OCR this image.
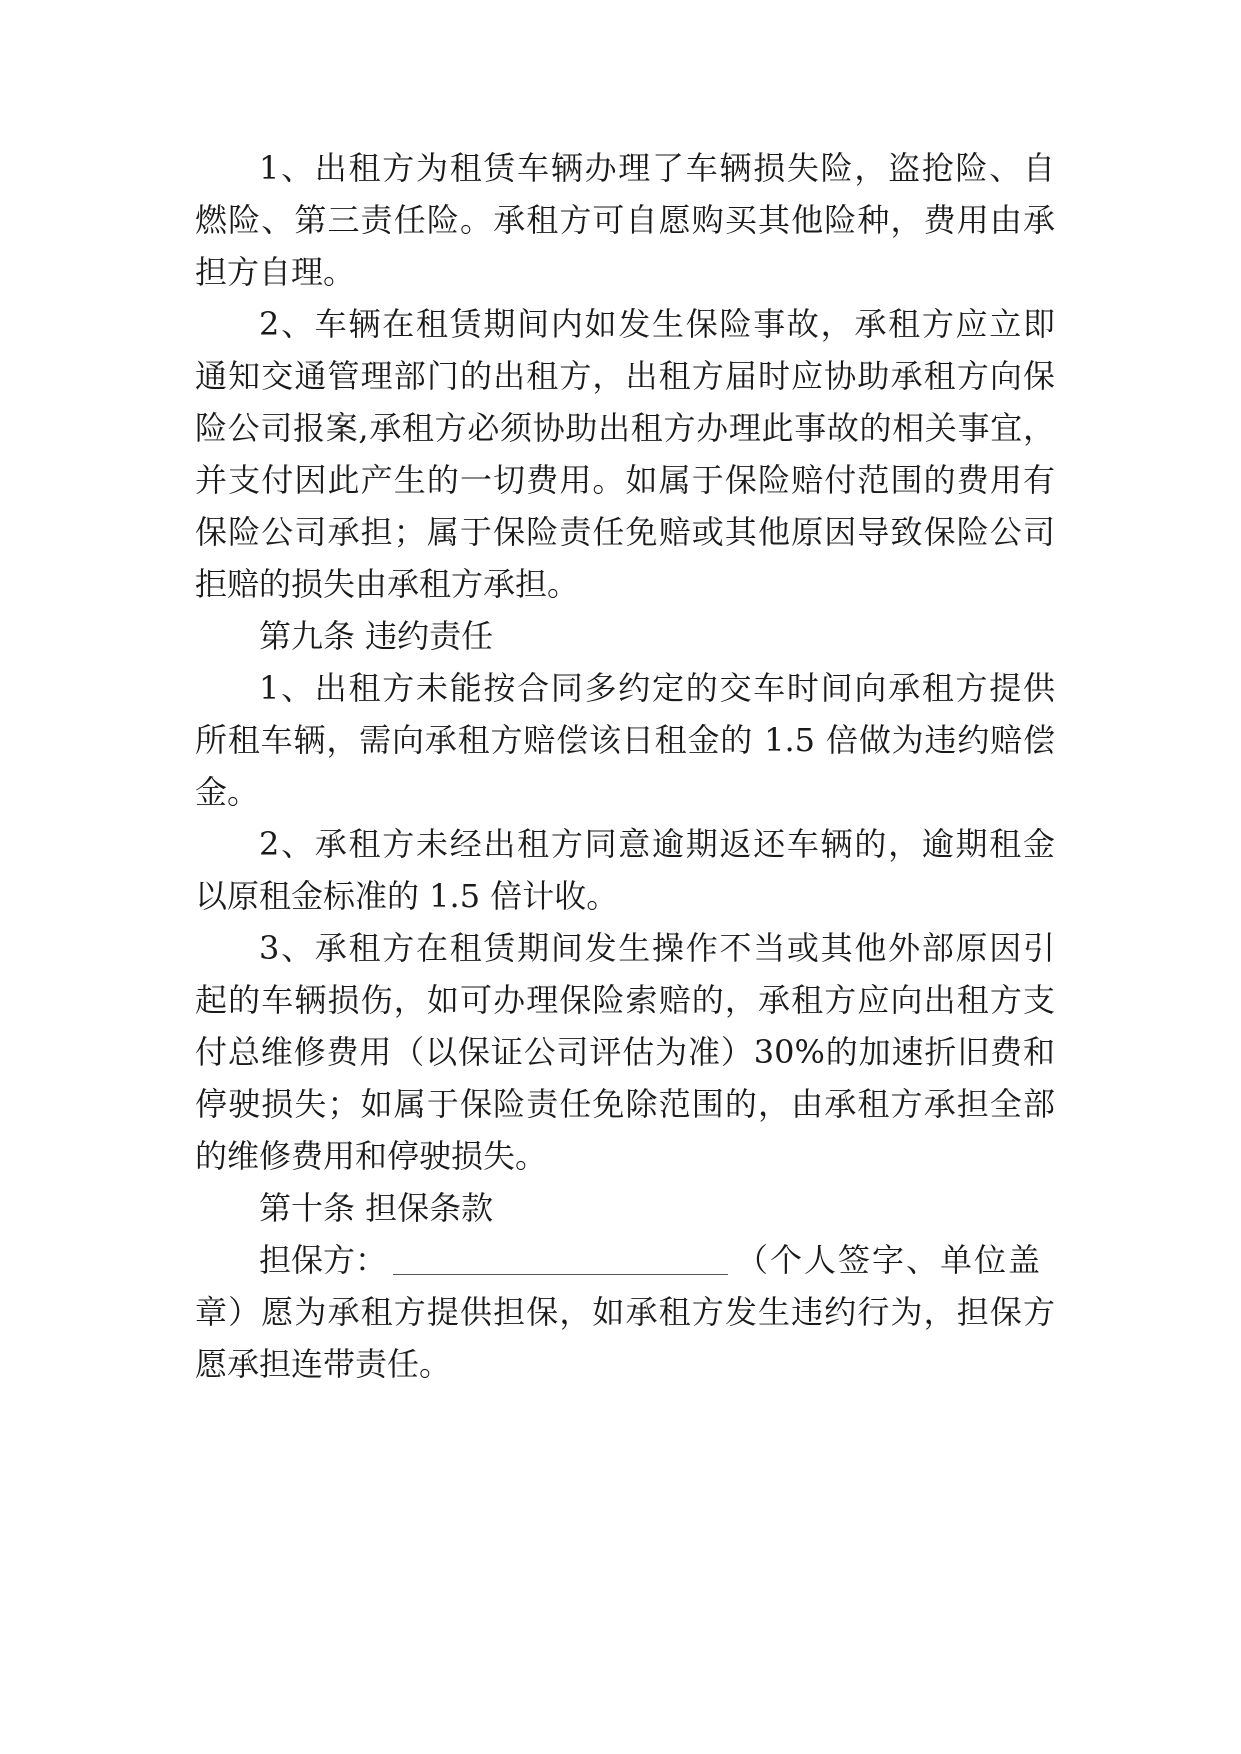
1、出租方为租赁车辆办理了车辆损失险，盗抢险、自
燃险、第三责任险。承租方可自愿购买其他险种，费用由承
担方自理。
2、车辆在租赁期间内如发生保险事故，承租方应立即
通知交通管理部门的出租方，出租方届时应协助承租方向保
险公司报案,承租方必须协助出租方办理此事故的相关事宜，
并支付因此产生的一切费用。如属于保险赔付范围的费用有
保险公司承担；属于保险责任免赔或其他原因导致保险公司
拒赔的损失由承租方承担。
第九条 违约责任
1、出租方未能按合同多约定的交车时间向承租方提供
所租车辆，需向承租方赔偿该日租金的 1.5 倍做为违约赔偿
金。
2、承租方未经出租方同意逾期返还车辆的，逾期租金
以原租金标准的 1.5 倍计收。
3、承租方在租赁期间发生操作不当或其他外部原因引
起的车辆损伤，如可办理保险索赔的，承租方应向出租方支
付总维修费用（以保证公司评估为准）30%的加速折旧费和
停驶损失；如属于保险责任免除范围的，由承租方承担全部
的维修费用和停驶损失。
第十条 担保条款
担保方：	（个人签字、单位盖
章）愿为承租方提供担保，如承租方发生违约行为，担保方
愿承担连带责任。
